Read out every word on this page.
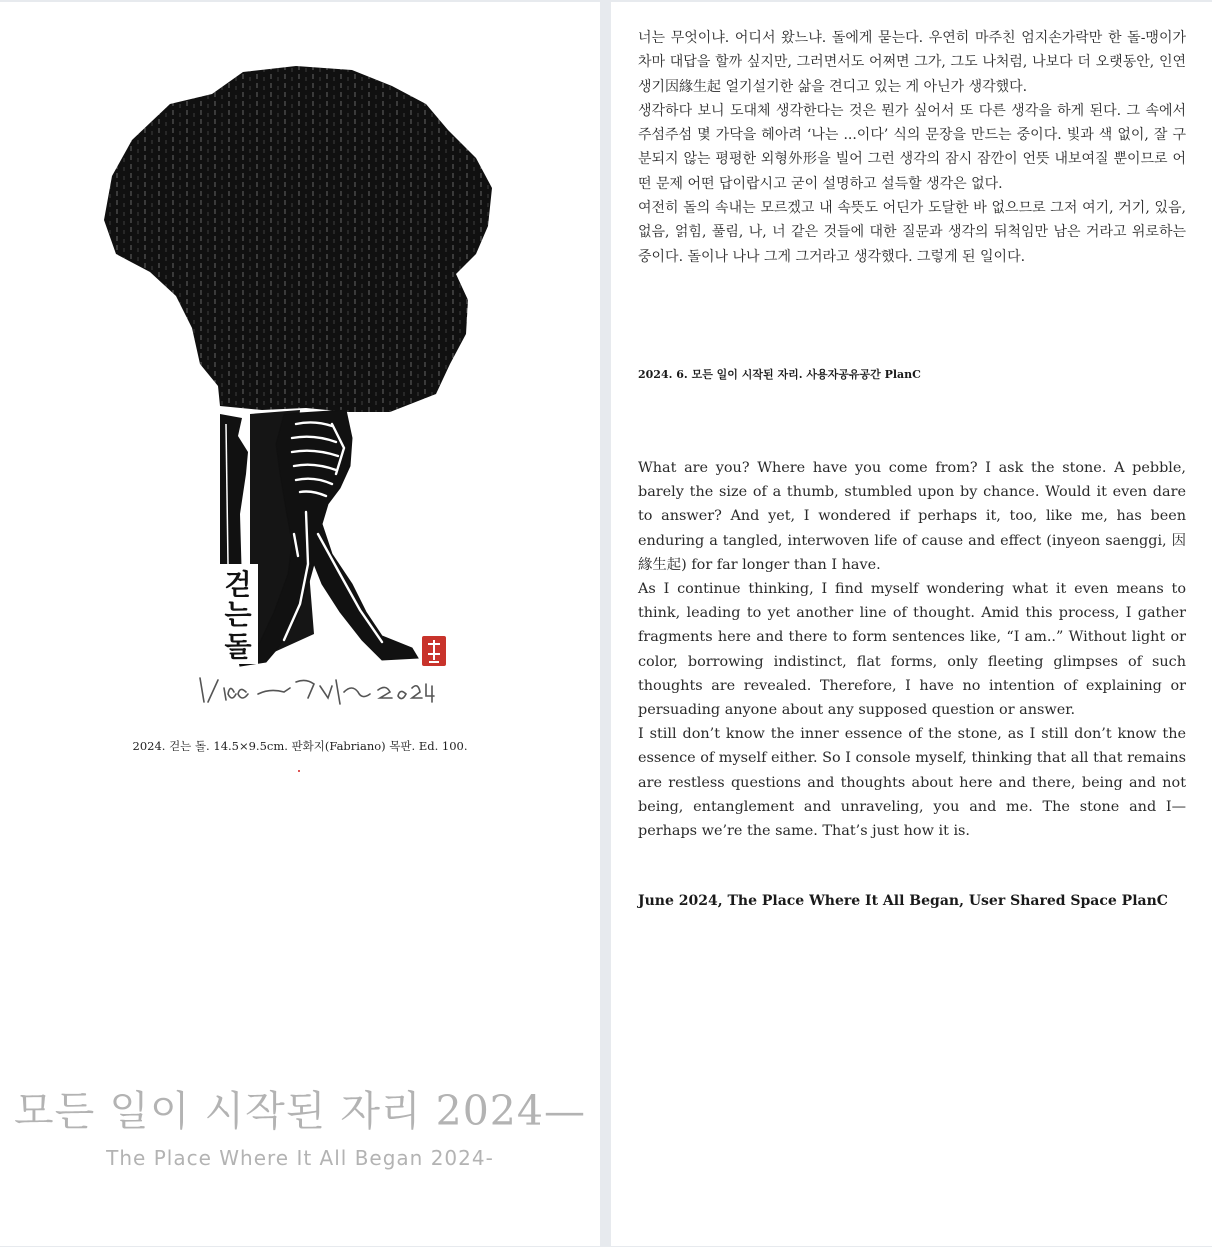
걷
는
돌
2024. 걷는 돌. 14.5×9.5cm. 판화지(Fabriano) 목판. Ed. 100.
모든 일이 시작된 자리 2024—
The Place Where It All Began 2024-

너는 무엇이냐. 어디서 왔느냐. 돌에게 묻는다. 우연히 마주친 엄지손가락만 한 돌-맹이가 차마 대답을 할까 싶지만, 그러면서도 어쩌면 그가, 그도 나처럼, 나보다 더 오랫동안, 인연생기因緣生起 얼기설기한 삶을 견디고 있는 게 아닌가 생각했다.

생각하다 보니 도대체 생각한다는 것은 뭔가 싶어서 또 다른 생각을 하게 된다. 그 속에서 주섬주섬 몇 가닥을 헤아려 ‘나는 ...이다’ 식의 문장을 만드는 중이다. 빛과 색 없이, 잘 구분되지 않는 평평한 외형外形을 빌어 그런 생각의 잠시 잠깐이 언뜻 내보여질 뿐이므로 어떤 문제 어떤 답이랍시고 굳이 설명하고 설득할 생각은 없다.

여전히 돌의 속내는 모르겠고 내 속뜻도 어딘가 도달한 바 없으므로 그저 여기, 거기, 있음, 없음, 얽힘, 풀림, 나, 너 같은 것들에 대한 질문과 생각의 뒤척임만 남은 거라고 위로하는 중이다. 돌이나 나나 그게 그거라고 생각했다. 그렇게 된 일이다.

2024. 6. 모든 일이 시작된 자리. 사용자공유공간 PlanC

What are you? Where have you come from? I ask the stone. A pebble, barely the size of a thumb, stumbled upon by chance. Would it even dare to answer? And yet, I wondered if perhaps it, too, like me, has been enduring a tangled, interwoven life of cause and effect (inyeon saenggi, 因緣生起) for far longer than I have.

As I continue thinking, I find myself wondering what it even means to think, leading to yet another line of thought. Amid this process, I gather fragments here and there to form sentences like, “I am..” Without light or color, borrowing indistinct, flat forms, only fleeting glimpses of such thoughts are revealed. Therefore, I have no intention of explaining or persuading anyone about any supposed question or answer.

I still don’t know the inner essence of the stone, as I still don’t know the essence of myself either. So I console myself, thinking that all that remains are restless questions and thoughts about here and there, being and not being, entanglement and unraveling, you and me. The stone and I—perhaps we’re the same. That’s just how it is.

June 2024, The Place Where It All Began, User Shared Space PlanC
